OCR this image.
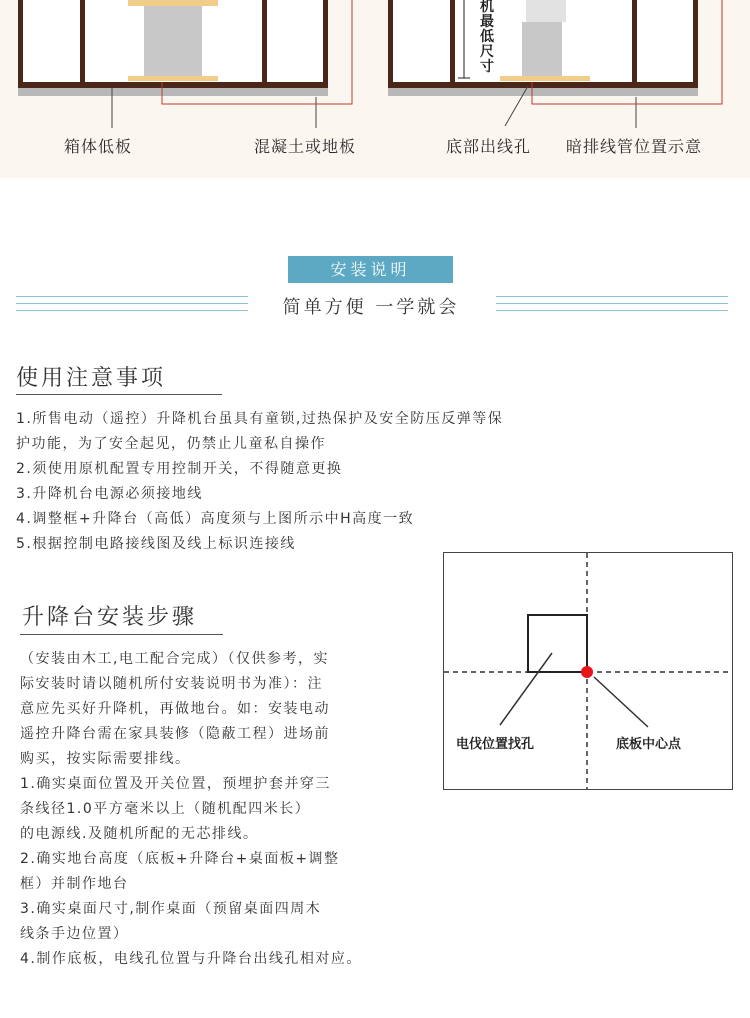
机
最
低
尺
寸
箱体低板	混凝土或地板	底部出线孔 暗排线管位置示意
安装说明
简单方便 一学就会
使用注意事项
1.所售电动（遥控）升降机台虽具有童锁,过热保护及安全防压反弹等保
护功能，为了安全起见，仍禁止儿童私自操作
2.须使用原机配置专用控制开关，不得随意更换
3.升降机台电源必须接地线
4.调整框+升降台（高低）高度须与上图所示中H高度一致
5.根据控制电路接线图及线上标识连接线
升降台安装步骤
（安装由木工,电工配合完成）（仅供参考，实
际安装时请以随机所付安装说明书为准）：注
意应先买好升降机，再做地台。如：安装电动
遥控升降台需在家具装修（隐蔽工程）进场前
购买，按实际需要排线。
1.确实桌面位置及开关位置，预埋护套并穿三
条线径1.0平方毫米以上（随机配四米长）
的电源线.及随机所配的无芯排线。
2.确实地台高度（底板+升降台+桌面板+调整
框）并制作地台
3.确实桌面尺寸,制作桌面（预留桌面四周木
线条手边位置）
4.制作底板，电线孔位置与升降台出线孔相对应。
电伐位置找孔	底板中心点
